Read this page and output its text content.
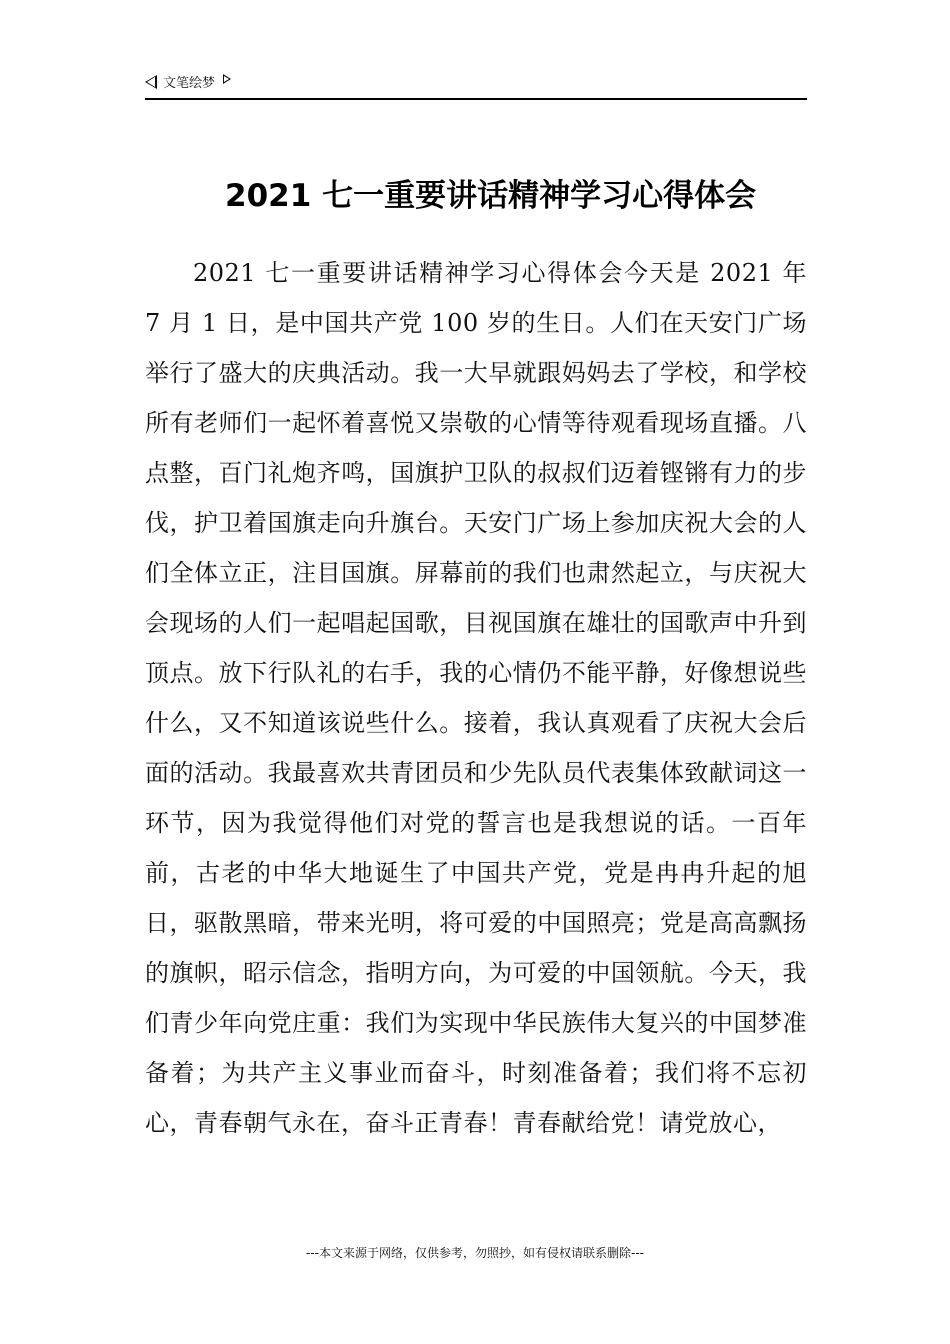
文笔绘梦
2021 七一重要讲话精神学习心得体会

2021 七一重要讲话精神学习心得体会今天是 2021 年 7 月 1 日，是中国共产党 100 岁的生日。人们在天安门广场举行了盛大的庆典活动。我一大早就跟妈妈去了学校，和学校所有老师们一起怀着喜悦又崇敬的心情等待观看现场直播。八点整，百门礼炮齐鸣，国旗护卫队的叔叔们迈着铿锵有力的步伐，护卫着国旗走向升旗台。天安门广场上参加庆祝大会的人们全体立正，注目国旗。屏幕前的我们也肃然起立，与庆祝大会现场的人们一起唱起国歌，目视国旗在雄壮的国歌声中升到顶点。放下行队礼的右手，我的心情仍不能平静，好像想说些什么，又不知道该说些什么。接着，我认真观看了庆祝大会后面的活动。我最喜欢共青团员和少先队员代表集体致献词这一环节，因为我觉得他们对党的誓言也是我想说的话。一百年前，古老的中华大地诞生了中国共产党，党是冉冉升起的旭日，驱散黑暗，带来光明，将可爱的中国照亮；党是高高飘扬的旗帜，昭示信念，指明方向，为可爱的中国领航。今天，我们青少年向党庄重：我们为实现中华民族伟大复兴的中国梦准备着；为共产主义事业而奋斗，时刻准备着；我们将不忘初心，青春朝气永在，奋斗正青春！青春献给党！请党放心，

---本文来源于网络，仅供参考，勿照抄，如有侵权请联系删除---
